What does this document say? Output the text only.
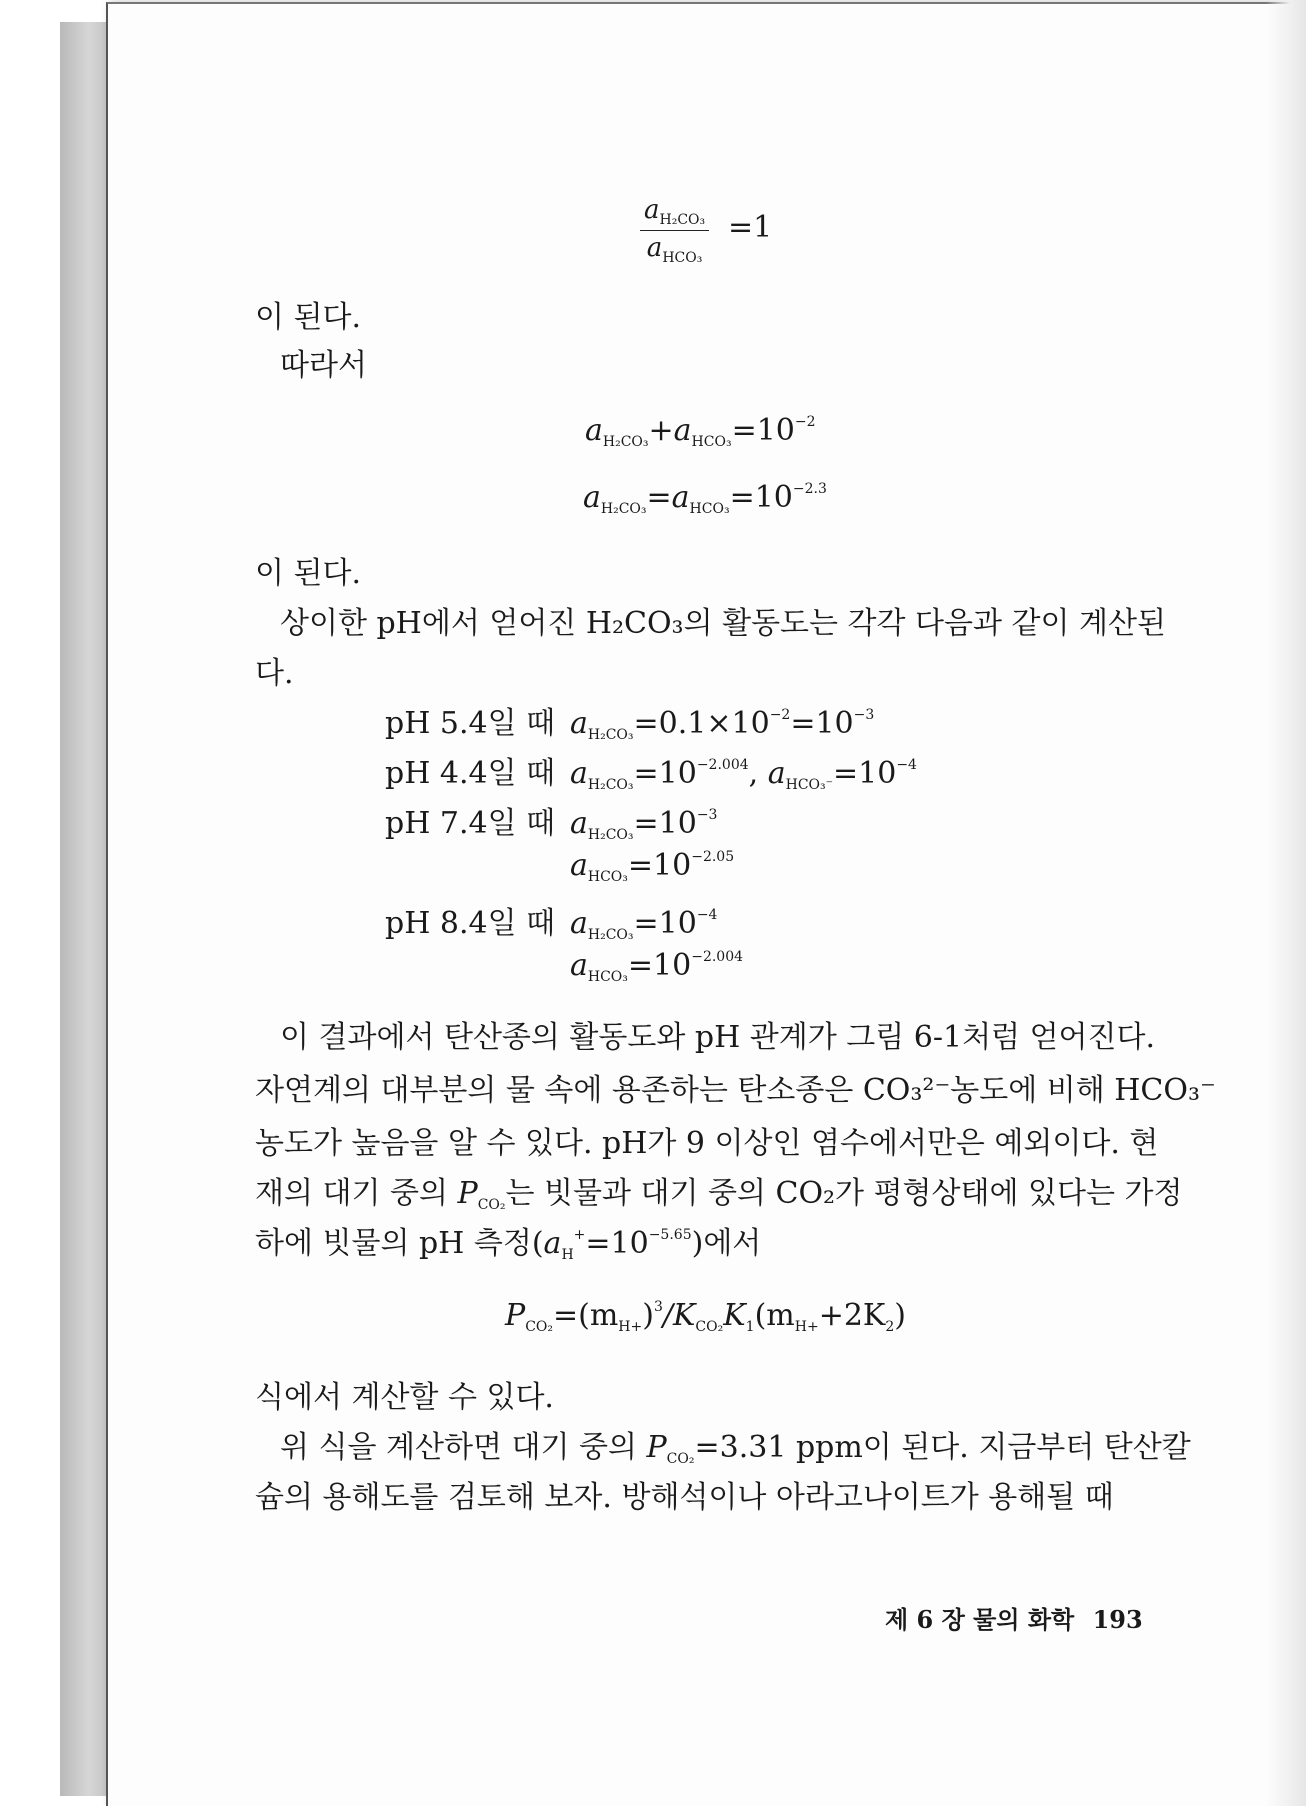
$a_{H_2CO_3}$
$a_{HCO_3}$
=1
이 된다.
따라서
$a_{H_2CO_3}+a_{HCO_3}=10^{-2}$
$a_{H_2CO_3}=a_{HCO_3}=10^{-2.3}$
이 된다.
상이한 pH에서 얻어진 H₂CO₃의 활동도는 각각 다음과 같이 계산된
다.
pH 5.4일 때 $a_{H_2CO_3}=0.1\times 10^{-2}=10^{-3}$
pH 4.4일 때 $a_{H_2CO_3}=10^{-2.004}$, $a_{HCO_3^-}=10^{-4}$
pH 7.4일 때 $a_{H_2CO_3}=10^{-3}$
$a_{HCO_3}=10^{-2.05}$
pH 8.4일 때 $a_{H_2CO_3}=10^{-4}$
$a_{HCO_3}=10^{-2.004}$
이 결과에서 탄산종의 활동도와 pH 관계가 그림 6-1처럼 얻어진다.
자연계의 대부분의 물 속에 용존하는 탄소종은 CO₃²⁻농도에 비해 HCO₃⁻
농도가 높음을 알 수 있다. pH가 9 이상인 염수에서만은 예외이다. 현
재의 대기 중의 $P_{CO_2}$는 빗물과 대기 중의 CO₂가 평형상태에 있다는 가정
하에 빗물의 pH 측정$(a_H^+=10^{-5.65})$에서
$P_{CO_2}=(m_{H+})^3/K_{CO_2}K_1(m_{H+}+2K_2)$
식에서 계산할 수 있다.
위 식을 계산하면 대기 중의 $P_{CO_2}=3.31$ ppm이 된다. 지금부터 탄산칼
슘의 용해도를 검토해 보자. 방해석이나 아라고나이트가 용해될 때
제 6 장 물의 화학 193
